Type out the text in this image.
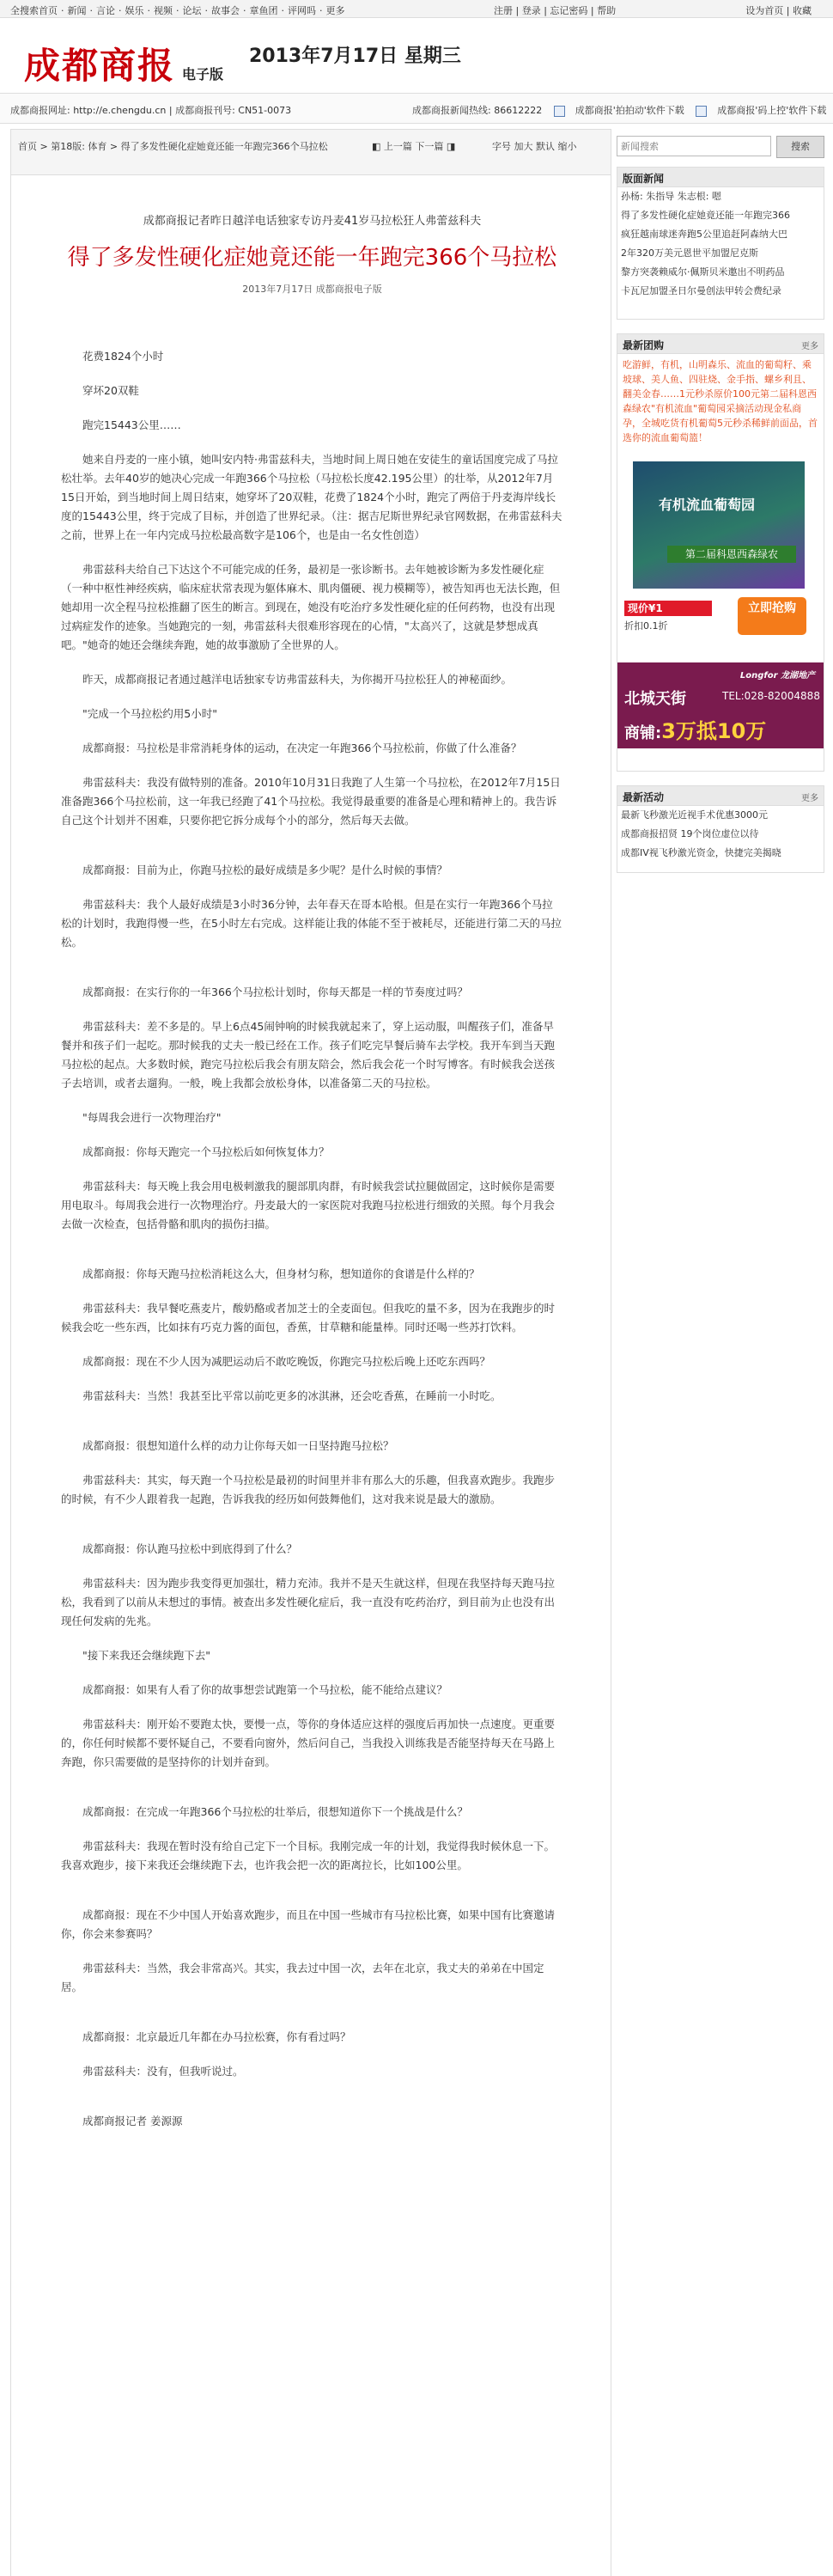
全搜索首页 · 新闻 · 言论 · 娱乐 · 视频 · 论坛 · 故事会 · 章鱼团 · 评网吗 · 更多	注册 | 登录 | 忘记密码 | 帮助	设为首页 | 收藏
成都商报 电子版
2013年7月17日 星期三
成都商报网址: http://e.chengdu.cn | 成都商报刊号: CN51-0073	成都商报新闻热线: 86612222	成都商报'拍拍动'软件下载	成都商报'码上控'软件下载
首页 > 第18版: 体育 > 得了多发性硬化症她竟还能一年跑完366个马拉松	◧ 上一篇 下一篇 ◨	字号 加大 默认 缩小

成都商报记者昨日越洋电话独家专访丹麦41岁马拉松狂人弗蕾兹科夫

得了多发性硬化症她竟还能一年跑完366个马拉松
2013年7月17日 成都商报电子版

花费1824个小时

穿坏20双鞋

跑完15443公里……

她来自丹麦的一座小镇，她叫安内特·弗雷兹科夫，当地时间上周日她在安徒生的童话国度完成了马拉松壮举。去年40岁的她决心完成一年跑366个马拉松（马拉松长度42.195公里）的壮举，从2012年7月15日开始，到当地时间上周日结束，她穿坏了20双鞋，花费了1824个小时，跑完了两倍于丹麦海岸线长度的15443公里，终于完成了目标，并创造了世界纪录。（注：据吉尼斯世界纪录官网数据，在弗雷兹科夫之前，世界上在一年内完成马拉松最高数字是106个，也是由一名女性创造）

弗雷兹科夫给自己下达这个不可能完成的任务，最初是一张诊断书。去年她被诊断为多发性硬化症（一种中枢性神经疾病，临床症状常表现为躯体麻木、肌肉僵硬、视力模糊等），被告知再也无法长跑，但她却用一次全程马拉松推翻了医生的断言。到现在，她没有吃治疗多发性硬化症的任何药物，也没有出现过病症发作的迹象。当她跑完的一刻，弗雷兹科夫很难形容现在的心情，"太高兴了，这就是梦想成真吧。"她奇的她还会继续奔跑，她的故事激励了全世界的人。

昨天，成都商报记者通过越洋电话独家专访弗雷兹科夫，为你揭开马拉松狂人的神秘面纱。

"完成一个马拉松约用5小时"

成都商报：马拉松是非常消耗身体的运动，在决定一年跑366个马拉松前，你做了什么准备？

弗雷兹科夫：我没有做特别的准备。2010年10月31日我跑了人生第一个马拉松，在2012年7月15日准备跑366个马拉松前，这一年我已经跑了41个马拉松。我觉得最重要的准备是心理和精神上的。我告诉自己这个计划并不困难，只要你把它拆分成每个小的部分，然后每天去做。

成都商报：目前为止，你跑马拉松的最好成绩是多少呢？是什么时候的事情？

弗雷兹科夫：我个人最好成绩是3小时36分钟，去年春天在哥本哈根。但是在实行一年跑366个马拉松的计划时，我跑得慢一些，在5小时左右完成。这样能让我的体能不至于被耗尽，还能进行第二天的马拉松。

成都商报：在实行你的一年366个马拉松计划时，你每天都是一样的节奏度过吗？

弗雷兹科夫：差不多是的。早上6点45闹钟响的时候我就起来了，穿上运动服，叫醒孩子们，准备早餐并和孩子们一起吃。那时候我的丈夫一般已经在工作。孩子们吃完早餐后骑车去学校。我开车到当天跑马拉松的起点。大多数时候，跑完马拉松后我会有朋友陪会，然后我会花一个时写博客。有时候我会送孩子去培训，或者去遛狗。一般，晚上我都会放松身体，以准备第二天的马拉松。

"每周我会进行一次物理治疗"

成都商报：你每天跑完一个马拉松后如何恢复体力？

弗雷兹科夫：每天晚上我会用电极刺激我的腿部肌肉群，有时候我尝试拉腿做固定，这时候你是需要用电取斗。每周我会进行一次物理治疗。丹麦最大的一家医院对我跑马拉松进行细致的关照。每个月我会去做一次检查，包括骨骼和肌肉的损伤扫描。

成都商报：你每天跑马拉松消耗这么大，但身材匀称，想知道你的食谱是什么样的？

弗雷兹科夫：我早餐吃燕麦片，酸奶酪或者加芝士的全麦面包。但我吃的量不多，因为在我跑步的时候我会吃一些东西，比如抹有巧克力酱的面包，香蕉，甘草糖和能量棒。同时还喝一些苏打饮料。

成都商报：现在不少人因为减肥运动后不敢吃晚饭，你跑完马拉松后晚上还吃东西吗？

弗雷兹科夫：当然！我甚至比平常以前吃更多的冰淇淋，还会吃香蕉，在睡前一小时吃。

成都商报：很想知道什么样的动力让你每天如一日坚持跑马拉松？

弗雷兹科夫：其实，每天跑一个马拉松是最初的时间里并非有那么大的乐趣，但我喜欢跑步。我跑步的时候，有不少人跟着我一起跑，告诉我我的经历如何鼓舞他们，这对我来说是最大的激励。

成都商报：你认跑马拉松中到底得到了什么？

弗雷兹科夫：因为跑步我变得更加强壮，精力充沛。我并不是天生就这样，但现在我坚持每天跑马拉松，我看到了以前从未想过的事情。被查出多发性硬化症后，我一直没有吃药治疗，到目前为止也没有出现任何发病的先兆。

"接下来我还会继续跑下去"

成都商报：如果有人看了你的故事想尝试跑第一个马拉松，能不能给点建议？

弗雷兹科夫：刚开始不要跑太快，要慢一点，等你的身体适应这样的强度后再加快一点速度。更重要的，你任何时候都不要怀疑自己，不要看向窗外，然后问自己，当我投入训练我是否能坚持每天在马路上奔跑，你只需要做的是坚持你的计划并奋到。

成都商报：在完成一年跑366个马拉松的壮举后，很想知道你下一个挑战是什么？

弗雷兹科夫：我现在暂时没有给自己定下一个目标。我刚完成一年的计划，我觉得我时候休息一下。我喜欢跑步，接下来我还会继续跑下去，也许我会把一次的距离拉长，比如100公里。

成都商报：现在不少中国人开始喜欢跑步，而且在中国一些城市有马拉松比赛，如果中国有比赛邀请你，你会来参赛吗？

弗雷兹科夫：当然，我会非常高兴。其实，我去过中国一次，去年在北京，我丈夫的弟弟在中国定居。

成都商报：北京最近几年都在办马拉松赛，你有看过吗？

弗雷兹科夫：没有，但我听说过。

成都商报记者 姜源源

新闻搜索
搜索
版面新闻
孙杨: 朱指导 朱志根: 嗯
得了多发性硬化症她竟还能一年跑完366
疯狂越南球迷奔跑5公里追赶阿森纳大巴
2年320万美元恩世平加盟尼克斯
黎方突袭赖威尔·佩斯贝米邀出不明药品
卡瓦尼加盟圣日尔曼创法甲转会费纪录
最新团购	更多
吃游鲜，有机，山明森乐、流血的葡萄籽、乘坡球、美人鱼、四驻烧、金手指、螺乡利且、翻美金春……1元秒杀原价100元第二届科恩西森绿农"有机流血"葡萄园采摘活动现金私商孕，全城吃货有机葡萄5元秒杀稀鲜前面品，首选你的流血葡萄篮！
有机流血葡萄园
第二届科恩西森绿农
现价¥1
折扣0.1折
立即抢购
Longfor 龙湖地产
北城天街	TEL:028-82004888
商铺:3万抵10万
最新活动	更多
最新飞秒激光近视手术优惠3000元
成都商报招贤 19个岗位虚位以待
成都IV视飞秒激光资金，快捷完美揭晓
